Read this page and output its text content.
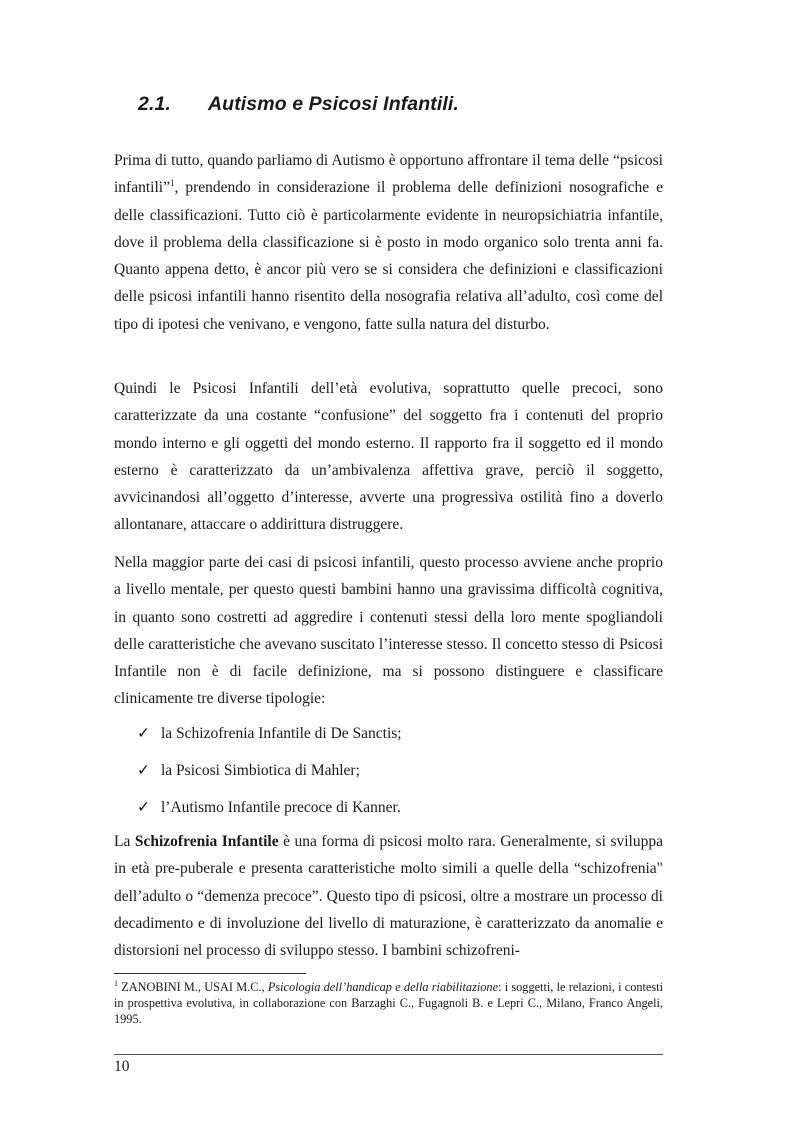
2.1. Autismo e Psicosi Infantili.

Prima di tutto, quando parliamo di Autismo è opportuno affrontare il tema delle “psicosi infantili”$^1$, prendendo in considerazione il problema delle definizioni nosografiche e delle classificazioni. Tutto ciò è particolarmente evidente in neuropsichiatria infantile, dove il problema della classificazione si è posto in modo organico solo trenta anni fa. Quanto appena detto, è ancor più vero se si considera che definizioni e classificazioni delle psicosi infantili hanno risentito della nosografia relativa all’adulto, così come del tipo di ipotesi che venivano, e vengono, fatte sulla natura del disturbo.

Quindi le Psicosi Infantili dell’età evolutiva, soprattutto quelle precoci, sono caratterizzate da una costante “confusione” del soggetto fra i contenuti del proprio mondo interno e gli oggetti del mondo esterno. Il rapporto fra il soggetto ed il mondo esterno è caratterizzato da un’ambivalenza affettiva grave, perciò il soggetto, avvicinandosi all’oggetto d’interesse, avverte una progressiva ostilità fino a doverlo allontanare, attaccare o addirittura distruggere.

Nella maggior parte dei casi di psicosi infantili, questo processo avviene anche proprio a livello mentale, per questo questi bambini hanno una gravissima difficoltà cognitiva, in quanto sono costretti ad aggredire i contenuti stessi della loro mente spogliandoli delle caratteristiche che avevano suscitato l’interesse stesso. Il concetto stesso di Psicosi Infantile non è di facile definizione, ma si possono distinguere e classificare clinicamente tre diverse tipologie:

✓ la Schizofrenia Infantile di De Sanctis;
✓ la Psicosi Simbiotica di Mahler;
✓ l’Autismo Infantile precoce di Kanner.

La Schizofrenia Infantile è una forma di psicosi molto rara. Generalmente, si sviluppa in età pre-puberale e presenta caratteristiche molto simili a quelle della “schizofrenia" dell’adulto o “demenza precoce”. Questo tipo di psicosi, oltre a mostrare un processo di decadimento e di involuzione del livello di maturazione, è caratterizzato da anomalie e distorsioni nel processo di sviluppo stesso. I bambini schizofreni-

$^1$ ZANOBINI M., USAI M.C., Psicologia dell’handicap e della riabilitazione: i soggetti, le relazioni, i contesti in prospettiva evolutiva, in collaborazione con Barzaghi C., Fugagnoli B. e Lepri C., Milano, Franco Angeli, 1995.

10
